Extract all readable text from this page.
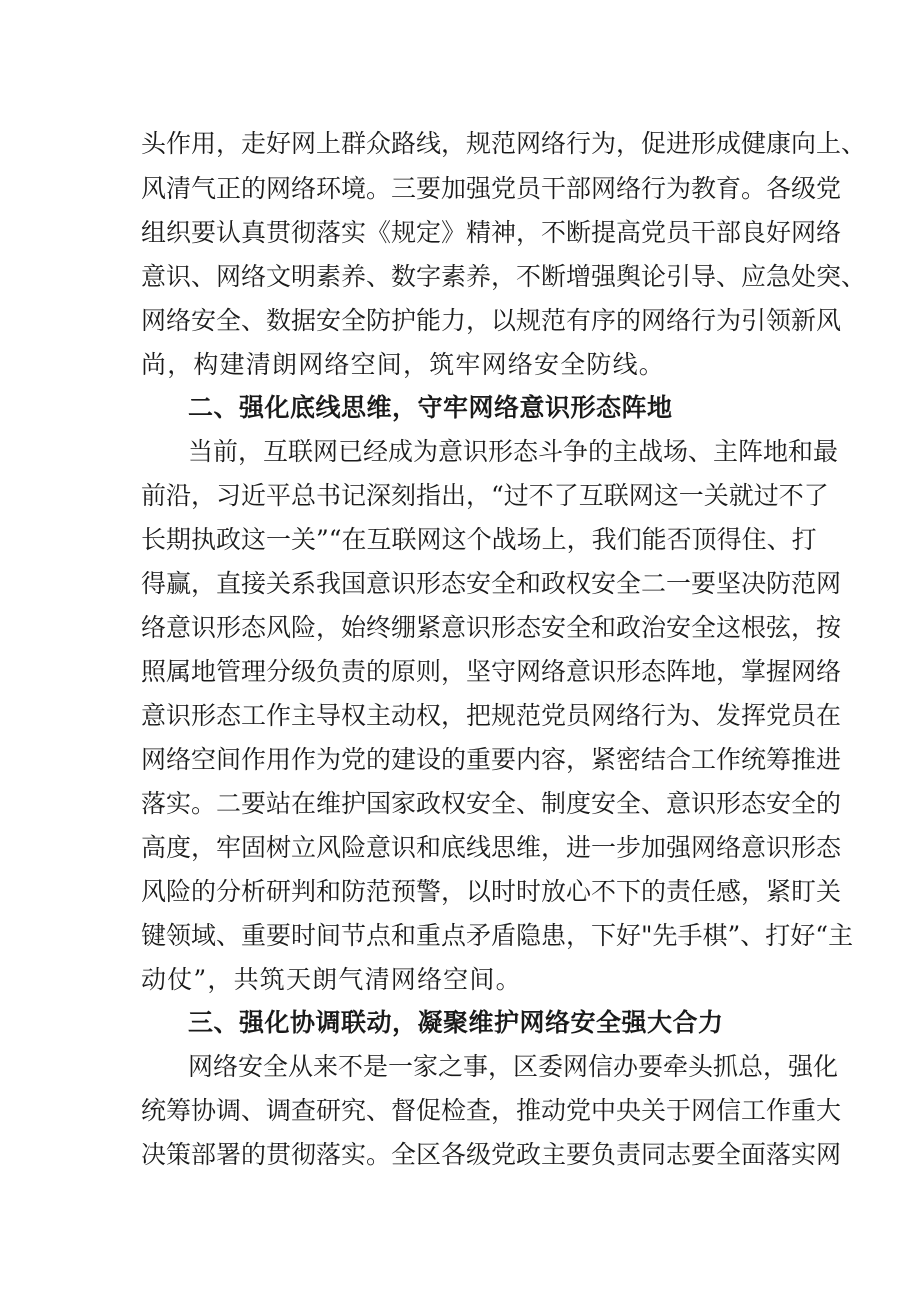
头作用，走好网上群众路线，规范网络行为，促进形成健康向上、
风清气正的网络环境。三要加强党员干部网络行为教育。各级党
组织要认真贯彻落实《规定》精神，不断提高党员干部良好网络
意识、网络文明素养、数字素养，不断增强舆论引导、应急处突、
网络安全、数据安全防护能力，以规范有序的网络行为引领新风
尚，构建清朗网络空间，筑牢网络安全防线。
二、强化底线思维，守牢网络意识形态阵地
当前，互联网已经成为意识形态斗争的主战场、主阵地和最
前沿，习近平总书记深刻指出，“过不了互联网这一关就过不了
长期执政这一关”“在互联网这个战场上，我们能否顶得住、打
得赢，直接关系我国意识形态安全和政权安全二一要坚决防范网
络意识形态风险，始终绷紧意识形态安全和政治安全这根弦，按
照属地管理分级负责的原则，坚守网络意识形态阵地，掌握网络
意识形态工作主导权主动权，把规范党员网络行为、发挥党员在
网络空间作用作为党的建设的重要内容，紧密结合工作统筹推进
落实。二要站在维护国家政权安全、制度安全、意识形态安全的
高度，牢固树立风险意识和底线思维，进一步加强网络意识形态
风险的分析研判和防范预警，以时时放心不下的责任感，紧盯关
键领域、重要时间节点和重点矛盾隐患，下好"先手棋”、打好“主
动仗”，共筑天朗气清网络空间。
三、强化协调联动，凝聚维护网络安全强大合力
网络安全从来不是一家之事，区委网信办要牵头抓总，强化
统筹协调、调查研究、督促检查，推动党中央关于网信工作重大
决策部署的贯彻落实。全区各级党政主要负责同志要全面落实网
